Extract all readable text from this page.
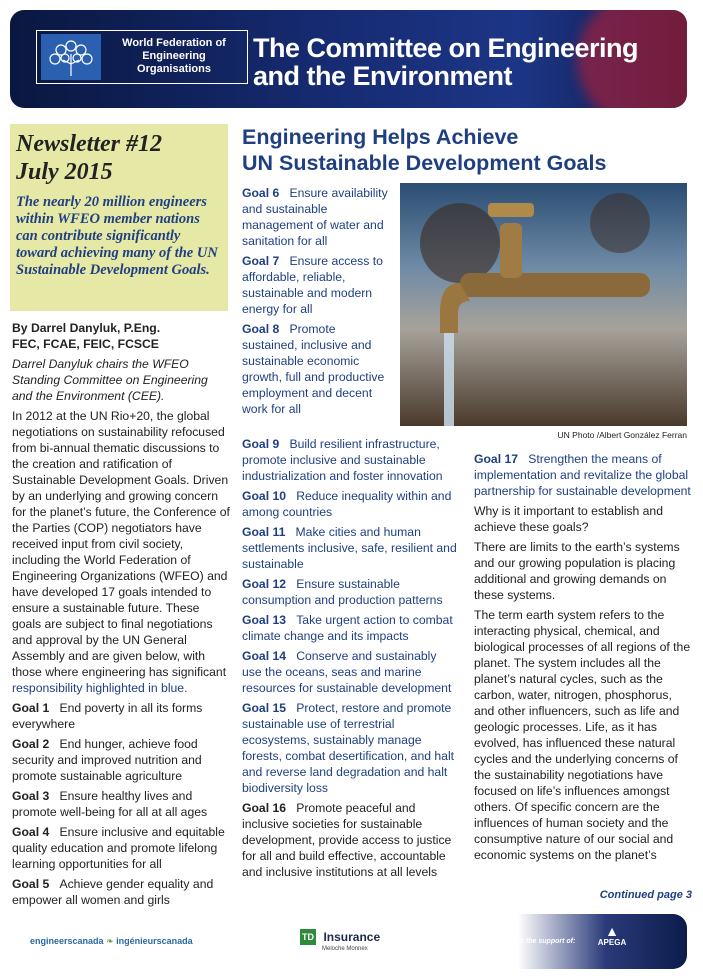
World Federation of Engineering Organisations
The Committee on Engineering
and the Environment
Newsletter #12
July 2015
The nearly 20 million engineers within WFEO member nations can contribute significantly toward achieving many of the UN Sustainable Development Goals.
Engineering Helps Achieve
UN Sustainable Development Goals

By Darrel Danyluk, P.Eng.

FEC, FCAE, FEIC, FCSCE

Darrel Danyluk chairs the WFEO Standing Committee on Engineering and the Environment (CEE).

In 2012 at the UN Rio+20, the global negotiations on sustainability refocused from bi-annual thematic discussions to the creation and ratification of Sustainable Development Goals. Driven by an underlying and growing concern for the planet’s future, the Conference of the Parties (COP) negotiators have received input from civil society, including the World Federation of Engineering Organizations (WFEO) and have developed 17 goals intended to ensure a sustainable future. These goals are subject to final negotiations and approval by the UN General Assembly and are given below, with those where engineering has significant responsibility highlighted in blue.

Goal 1 End poverty in all its forms everywhere

Goal 2 End hunger, achieve food security and improved nutrition and promote sustainable agriculture

Goal 3 Ensure healthy lives and promote well-being for all at all ages

Goal 4 Ensure inclusive and equitable quality education and promote lifelong learning opportunities for all

Goal 5 Achieve gender equality and empower all women and girls

Goal 6 Ensure availability and sustainable management of water and sanitation for all

Goal 7 Ensure access to affordable, reliable, sustainable and modern energy for all

Goal 8 Promote sustained, inclusive and sustainable economic growth, full and productive employment and decent work for all

Goal 9 Build resilient infrastructure, promote inclusive and sustainable industrialization and foster innovation

Goal 10 Reduce inequality within and among countries

Goal 11 Make cities and human settlements inclusive, safe, resilient and sustainable

Goal 12 Ensure sustainable consumption and production patterns

Goal 13 Take urgent action to combat climate change and its impacts

Goal 14 Conserve and sustainably use the oceans, seas and marine resources for sustainable development

Goal 15 Protect, restore and promote sustainable use of terrestrial ecosystems, sustainably manage forests, combat desertification, and halt and reverse land degradation and halt biodiversity loss

Goal 16 Promote peaceful and inclusive societies for sustainable development, provide access to justice for all and build effective, accountable and inclusive institutions at all levels

UN Photo /Albert González Ferran

Goal 17 Strengthen the means of implementation and revitalize the global partnership for sustainable development

Why is it important to establish and achieve these goals?

There are limits to the earth’s systems and our growing population is placing additional and growing demands on these systems.

The term earth system refers to the interacting physical, chemical, and biological processes of all regions of the planet. The system includes all the planet’s natural cycles, such as the carbon, water, nitrogen, phosphorus, and other influencers, such as life and geologic processes. Life, as it has evolved, has influenced these natural cycles and the underlying concerns of the sustainability negotiations have focused on life’s influences amongst others. Of specific concern are the influences of human society and the consumptive nature of our social and economic systems on the planet’s

Continued page 3
engineerscanada ❧ ingénieurscanada	TD Insurance
Meloche Monnex
with the support of:
▲
APEGA
